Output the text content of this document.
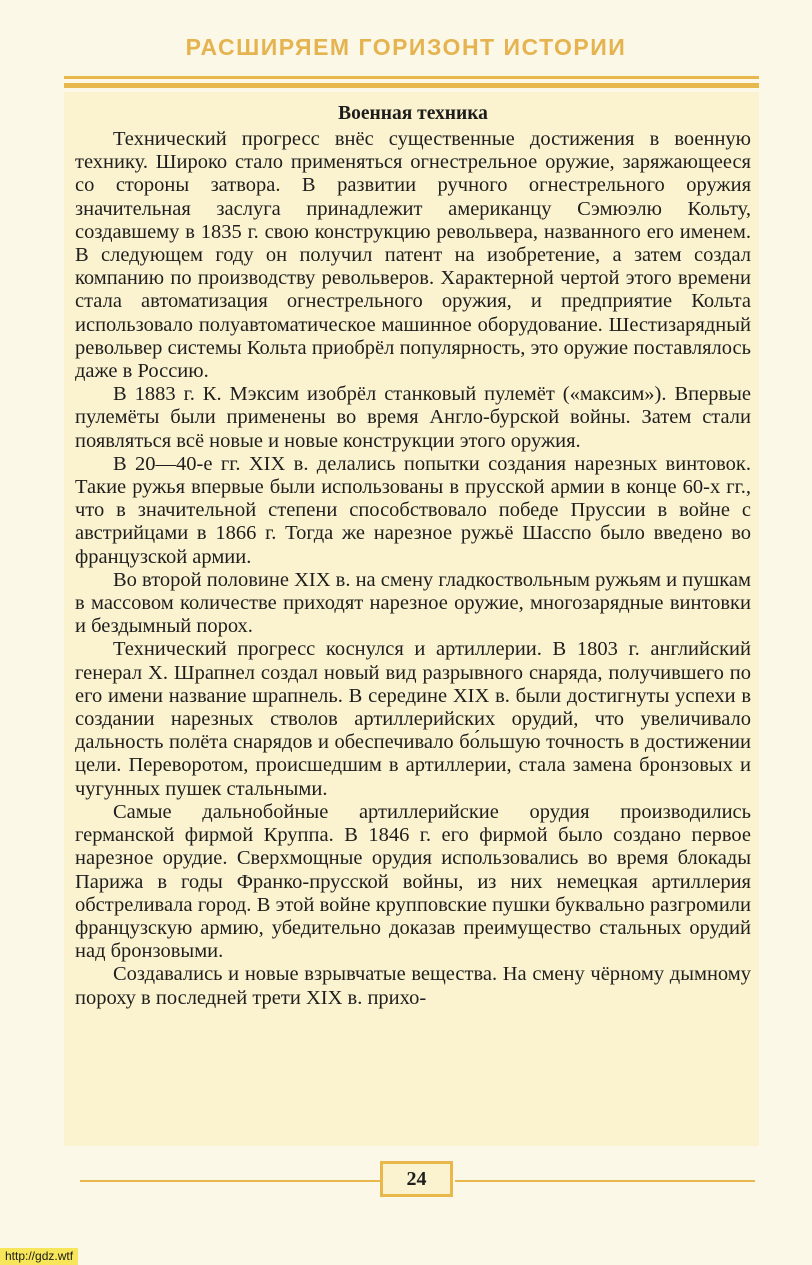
РАСШИРЯЕМ ГОРИЗОНТ ИСТОРИИ
Военная техника

Технический прогресс внёс существенные достижения в военную технику. Широко стало применяться огнестрельное оружие, заряжающееся со стороны затвора. В развитии ручного огнестрельного оружия значительная заслуга принадлежит американцу Сэмюэлю Кольту, создавшему в 1835 г. свою конструкцию револьвера, названного его именем. В следующем году он получил патент на изобретение, а затем создал компанию по производству револьверов. Характерной чертой этого времени стала автоматизация огнестрельного оружия, и предприятие Кольта использовало полуавтоматическое машинное оборудование. Шестизарядный револьвер системы Кольта приобрёл популярность, это оружие поставлялось даже в Россию.

В 1883 г. К. Мэксим изобрёл станковый пулемёт («максим»). Впервые пулемёты были применены во время Англо-бурской войны. Затем стали появляться всё новые и новые конструкции этого оружия.

В 20—40-е гг. XIX в. делались попытки создания нарезных винтовок. Такие ружья впервые были использованы в прусской армии в конце 60-х гг., что в значительной степени способствовало победе Пруссии в войне с австрийцами в 1866 г. Тогда же нарезное ружьё Шасспо было введено во французской армии.

Во второй половине XIX в. на смену гладкоствольным ружьям и пушкам в массовом количестве приходят нарезное оружие, многозарядные винтовки и бездымный порох.

Технический прогресс коснулся и артиллерии. В 1803 г. английский генерал Х. Шрапнел создал новый вид разрывного снаряда, получившего по его имени название шрапнель. В середине XIX в. были достигнуты успехи в создании нарезных стволов артиллерийских орудий, что увеличивало дальность полёта снарядов и обеспечивало бо́льшую точность в достижении цели. Переворотом, происшедшим в артиллерии, стала замена бронзовых и чугунных пушек стальными.

Самые дальнобойные артиллерийские орудия производились германской фирмой Круппа. В 1846 г. его фирмой было создано первое нарезное орудие. Сверхмощные орудия использовались во время блокады Парижа в годы Франко-прусской войны, из них немецкая артиллерия обстреливала город. В этой войне крупповские пушки буквально разгромили французскую армию, убедительно доказав преимущество стальных орудий над бронзовыми.

Создавались и новые взрывчатые вещества. На смену чёрному дымному пороху в последней трети XIX в. прихо-

24
http://gdz.wtf
